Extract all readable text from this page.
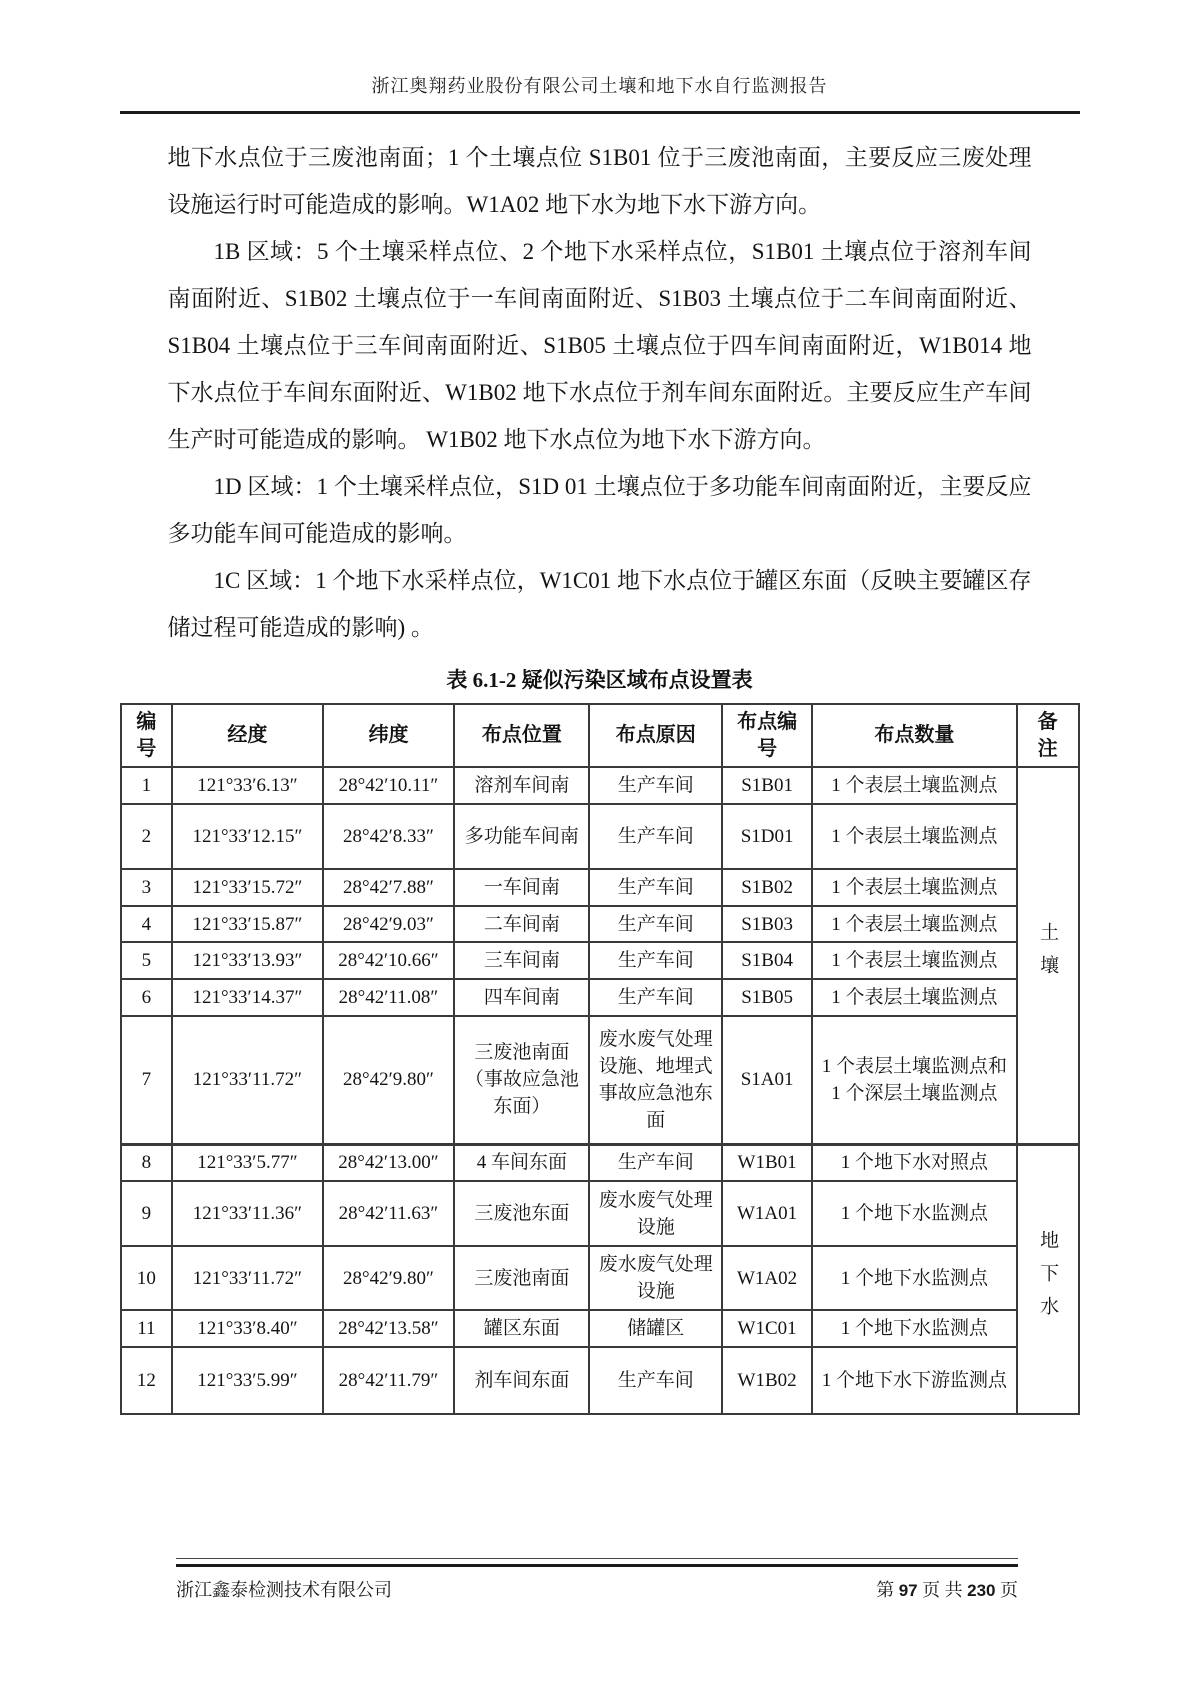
浙江奥翔药业股份有限公司土壤和地下水自行监测报告

地下水点位于三废池南面；1 个土壤点位 S1B01 位于三废池南面，主要反应三废处理设施运行时可能造成的影响。W1A02 地下水为地下水下游方向。

1B 区域：5 个土壤采样点位、2 个地下水采样点位，S1B01 土壤点位于溶剂车间南面附近、S1B02 土壤点位于一车间南面附近、S1B03 土壤点位于二车间南面附近、S1B04 土壤点位于三车间南面附近、S1B05 土壤点位于四车间南面附近，W1B014 地下水点位于车间东面附近、W1B02 地下水点位于剂车间东面附近。主要反应生产车间生产时可能造成的影响。 W1B02 地下水点位为地下水下游方向。

1D 区域：1 个土壤采样点位，S1D 01 土壤点位于多功能车间南面附近，主要反应多功能车间可能造成的影响。

1C 区域：1 个地下水采样点位，W1C01 地下水点位于罐区东面（反映主要罐区存储过程可能造成的影响) 。

表 6.1-2 疑似污染区域布点设置表
编号	经度	纬度	布点位置	布点原因	布点编号	布点数量	备注
1	121°33′6.13″	28°42′10.11″	溶剂车间南	生产车间	S1B01	1 个表层土壤监测点	土壤
2	121°33′12.15″	28°42′8.33″	多功能车间南	生产车间	S1D01	1 个表层土壤监测点	
3	121°33′15.72″	28°42′7.88″	一车间南	生产车间	S1B02	1 个表层土壤监测点	
4	121°33′15.87″	28°42′9.03″	二车间南	生产车间	S1B03	1 个表层土壤监测点	
5	121°33′13.93″	28°42′10.66″	三车间南	生产车间	S1B04	1 个表层土壤监测点	
6	121°33′14.37″	28°42′11.08″	四车间南	生产车间	S1B05	1 个表层土壤监测点	
7	121°33′11.72″	28°42′9.80″	三废池南面（事故应急池东面）	废水废气处理设施、地埋式事故应急池东面	S1A01	1 个表层土壤监测点和 1 个深层土壤监测点	
8	121°33′5.77″	28°42′13.00″	4 车间东面	生产车间	W1B01	1 个地下水对照点	地下水
9	121°33′11.36″	28°42′11.63″	三废池东面	废水废气处理设施	W1A01	1 个地下水监测点	
10	121°33′11.72″	28°42′9.80″	三废池南面	废水废气处理设施	W1A02	1 个地下水监测点	
11	121°33′8.40″	28°42′13.58″	罐区东面	储罐区	W1C01	1 个地下水监测点	
12	121°33′5.99″	28°42′11.79″	剂车间东面	生产车间	W1B02	1 个地下水下游监测点	
浙江鑫泰检测技术有限公司	第 97 页 共 230 页
